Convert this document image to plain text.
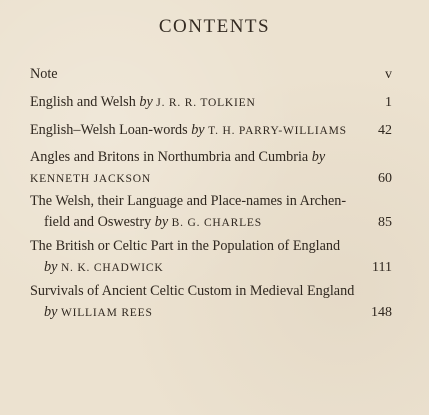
CONTENTS
Note	v
English and Welsh by J. R. R. TOLKIEN	1
English–Welsh Loan-words by T. H. PARRY-WILLIAMS 42
Angles and Britons in Northumbria and Cumbria by
KENNETH JACKSON	60
The Welsh, their Language and Place-names in Archen-
field and Oswestry by B. G. CHARLES	85
The British or Celtic Part in the Population of England
by N. K. CHADWICK	111
Survivals of Ancient Celtic Custom in Medieval England
by WILLIAM REES	148
